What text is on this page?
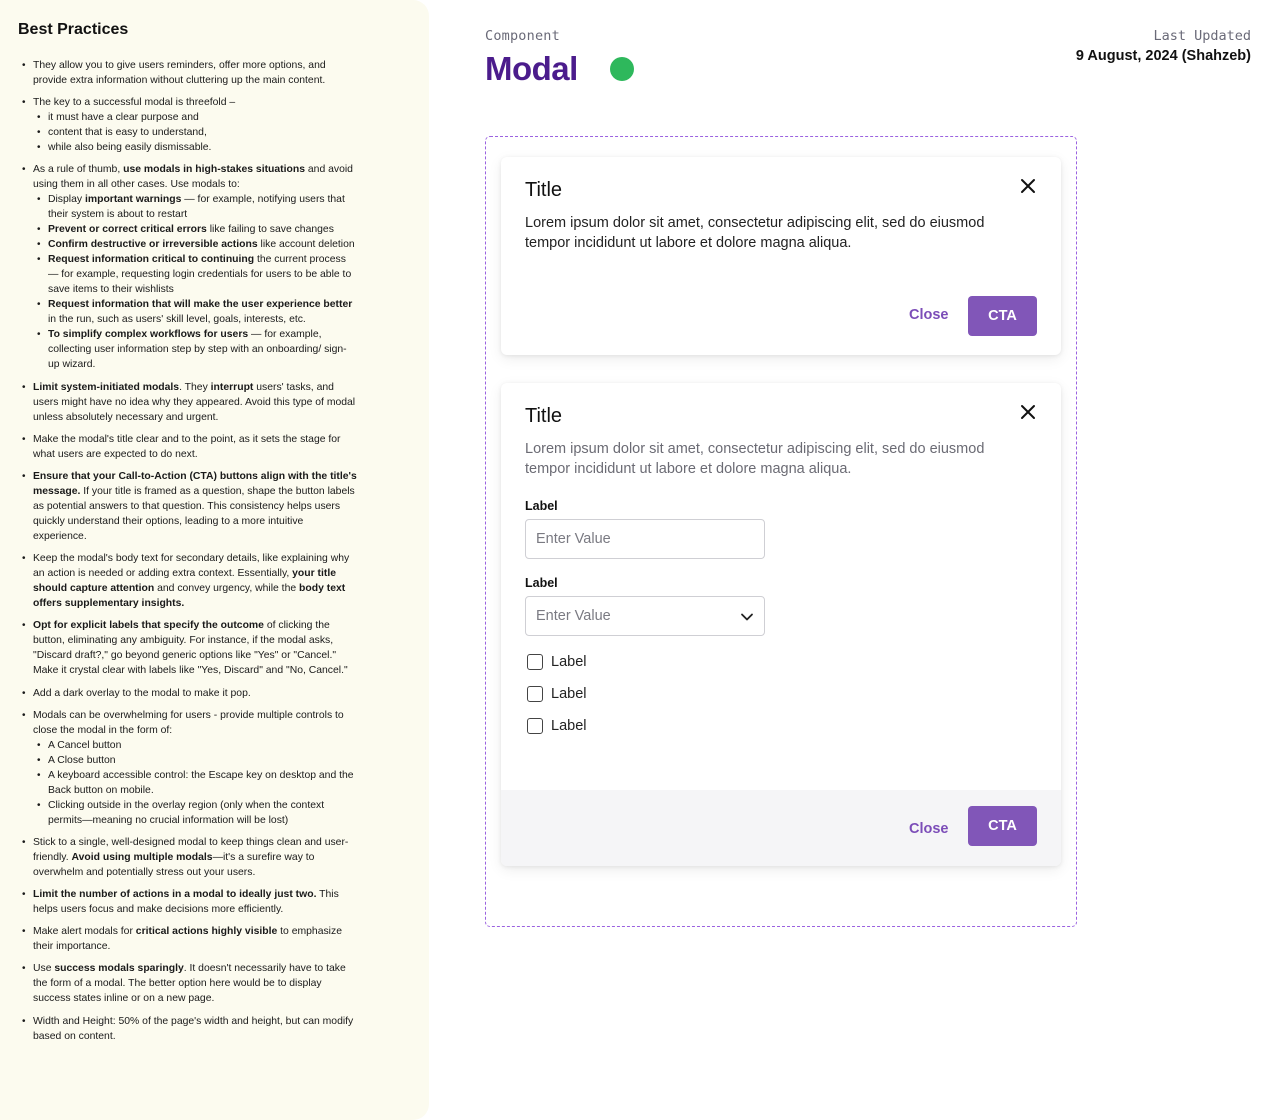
Best Practices
• They allow you to give users reminders, offer more options, and provide extra information without cluttering up the main content.
• The key to a successful modal is threefold –
• it must have a clear purpose and
• content that is easy to understand,
• while also being easily dismissable.
• As a rule of thumb, use modals in high-stakes situations and avoid using them in all other cases. Use modals to:
• Display important warnings — for example, notifying users that their system is about to restart
• Prevent or correct critical errors like failing to save changes
• Confirm destructive or irreversible actions like account deletion
• Request information critical to continuing the current process — for example, requesting login credentials for users to be able to save items to their wishlists
• Request information that will make the user experience better in the run, such as users' skill level, goals, interests, etc.
• To simplify complex workflows for users — for example, collecting user information step by step with an onboarding/ sign-up wizard.
• Limit system-initiated modals. They interrupt users' tasks, and users might have no idea why they appeared. Avoid this type of modal unless absolutely necessary and urgent.
• Make the modal's title clear and to the point, as it sets the stage for what users are expected to do next.
• Ensure that your Call-to-Action (CTA) buttons align with the title's message. If your title is framed as a question, shape the button labels as potential answers to that question. This consistency helps users quickly understand their options, leading to a more intuitive experience.
• Keep the modal's body text for secondary details, like explaining why an action is needed or adding extra context. Essentially, your title should capture attention and convey urgency, while the body text offers supplementary insights.
• Opt for explicit labels that specify the outcome of clicking the button, eliminating any ambiguity. For instance, if the modal asks, "Discard draft?," go beyond generic options like "Yes" or "Cancel." Make it crystal clear with labels like "Yes, Discard" and "No, Cancel."
• Add a dark overlay to the modal to make it pop.
• Modals can be overwhelming for users - provide multiple controls to close the modal in the form of:
• A Cancel button
• A Close button
• A keyboard accessible control: the Escape key on desktop and the Back button on mobile.
• Clicking outside in the overlay region (only when the context permits—meaning no crucial information will be lost)
• Stick to a single, well-designed modal to keep things clean and user-friendly. Avoid using multiple modals—it's a surefire way to overwhelm and potentially stress out your users.
• Limit the number of actions in a modal to ideally just two. This helps users focus and make decisions more efficiently.
• Make alert modals for critical actions highly visible to emphasize their importance.
• Use success modals sparingly. It doesn't necessarily have to take the form of a modal. The better option here would be to display success states inline or on a new page.
• Width and Height: 50% of the page's width and height, but can modify based on content.
Component
Modal
Last Updated
9 August, 2024 (Shahzeb)
Title

Lorem ipsum dolor sit amet, consectetur adipiscing elit, sed do eiusmod tempor incididunt ut labore et dolore magna aliqua.

Close	CTA
Title

Lorem ipsum dolor sit amet, consectetur adipiscing elit, sed do eiusmod tempor incididunt ut labore et dolore magna aliqua.

Label
Enter Value
Label
Enter Value
Label
Label
Label
Close	CTA
